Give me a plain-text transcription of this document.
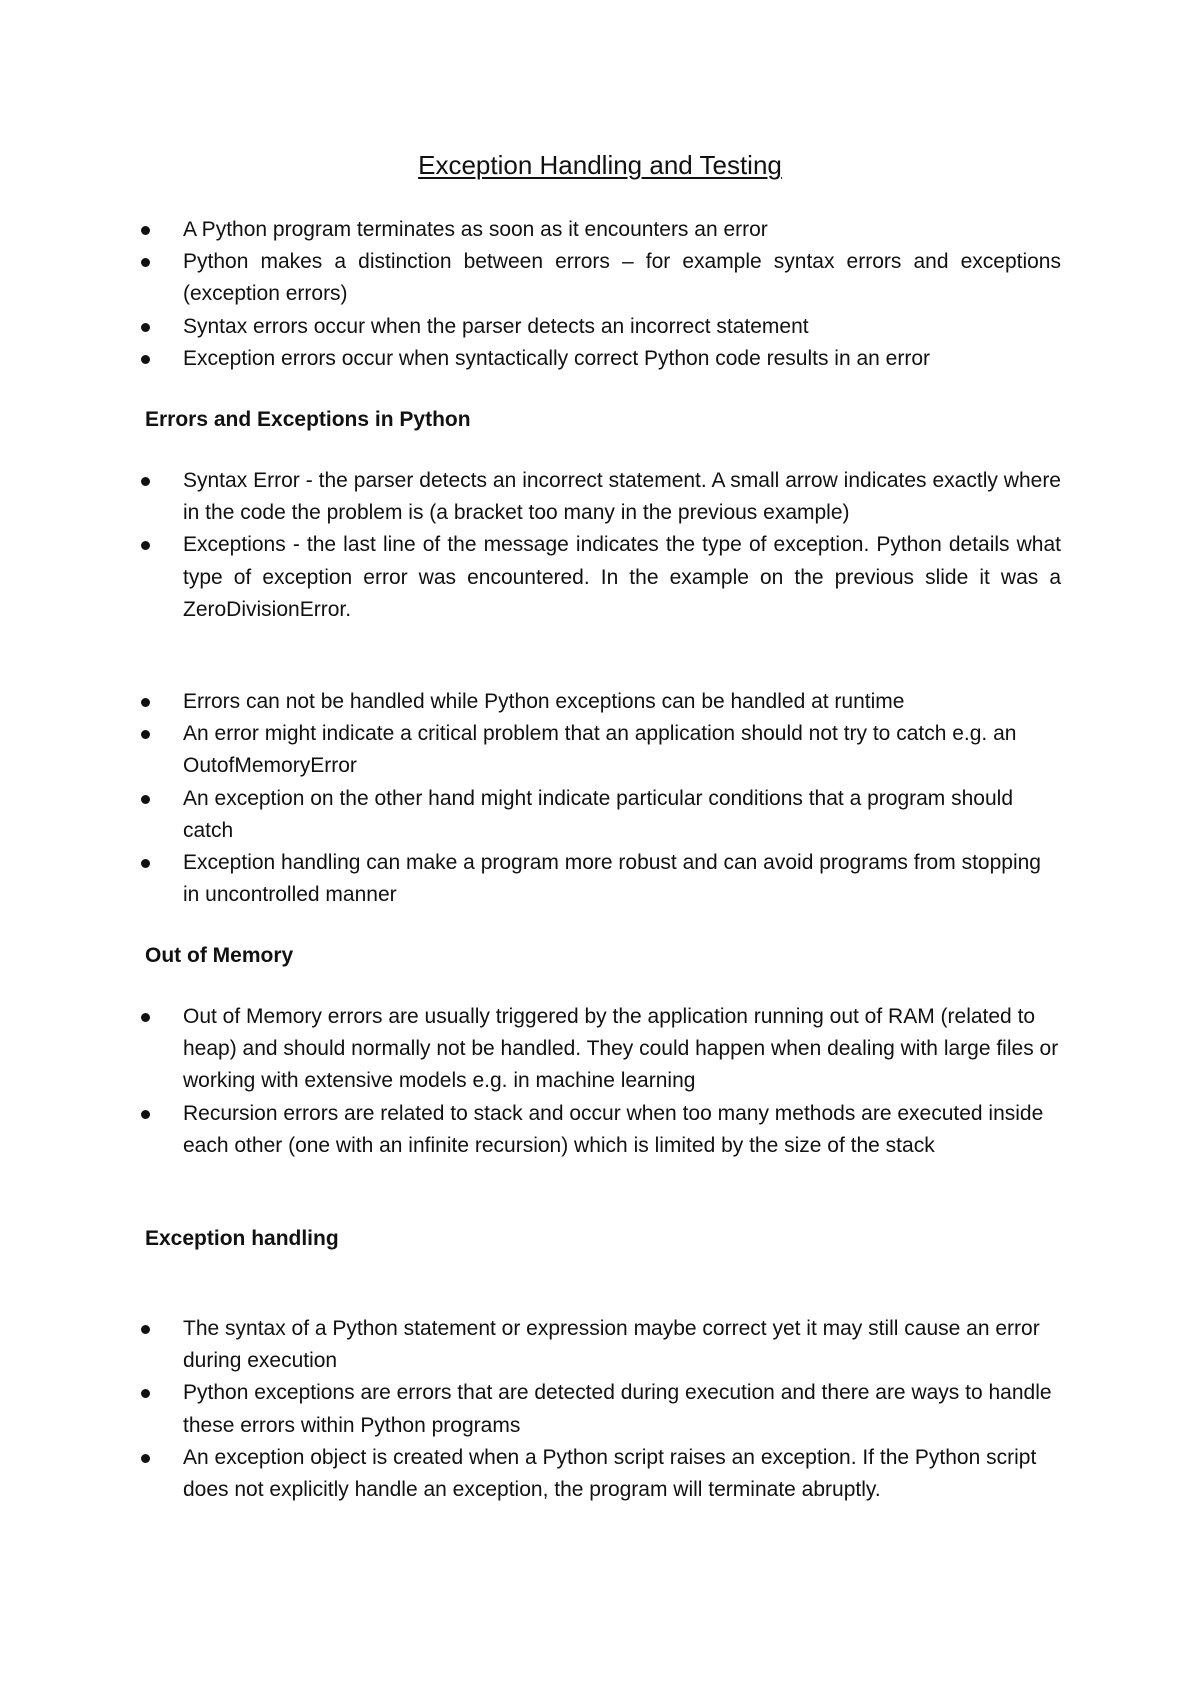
Exception Handling and Testing
A Python program terminates as soon as it encounters an error
Python makes a distinction between errors – for example syntax errors and exceptions (exception errors)
Syntax errors occur when the parser detects an incorrect statement
Exception errors occur when syntactically correct Python code results in an error
Errors and Exceptions in Python
Syntax Error - the parser detects an incorrect statement. A small arrow indicates exactly where in the code the problem is (a bracket too many in the previous example)
Exceptions - the last line of the message indicates the type of exception. Python details what type of exception error was encountered. In the example on the previous slide it was a ZeroDivisionError.
Errors can not be handled while Python exceptions can be handled at runtime
An error might indicate a critical problem that an application should not try to catch e.g. an OutofMemoryError
An exception on the other hand might indicate particular conditions that a program should catch
Exception handling can make a program more robust and can avoid programs from stopping in uncontrolled manner
Out of Memory
Out of Memory errors are usually triggered by the application running out of RAM (related to heap) and should normally not be handled. They could happen when dealing with large files or working with extensive models e.g. in machine learning
Recursion errors are related to stack and occur when too many methods are executed inside each other (one with an infinite recursion) which is limited by the size of the stack
Exception handling
The syntax of a Python statement or expression maybe correct yet it may still cause an error during execution
Python exceptions are errors that are detected during execution and there are ways to handle these errors within Python programs
An exception object is created when a Python script raises an exception. If the Python script does not explicitly handle an exception, the program will terminate abruptly.
